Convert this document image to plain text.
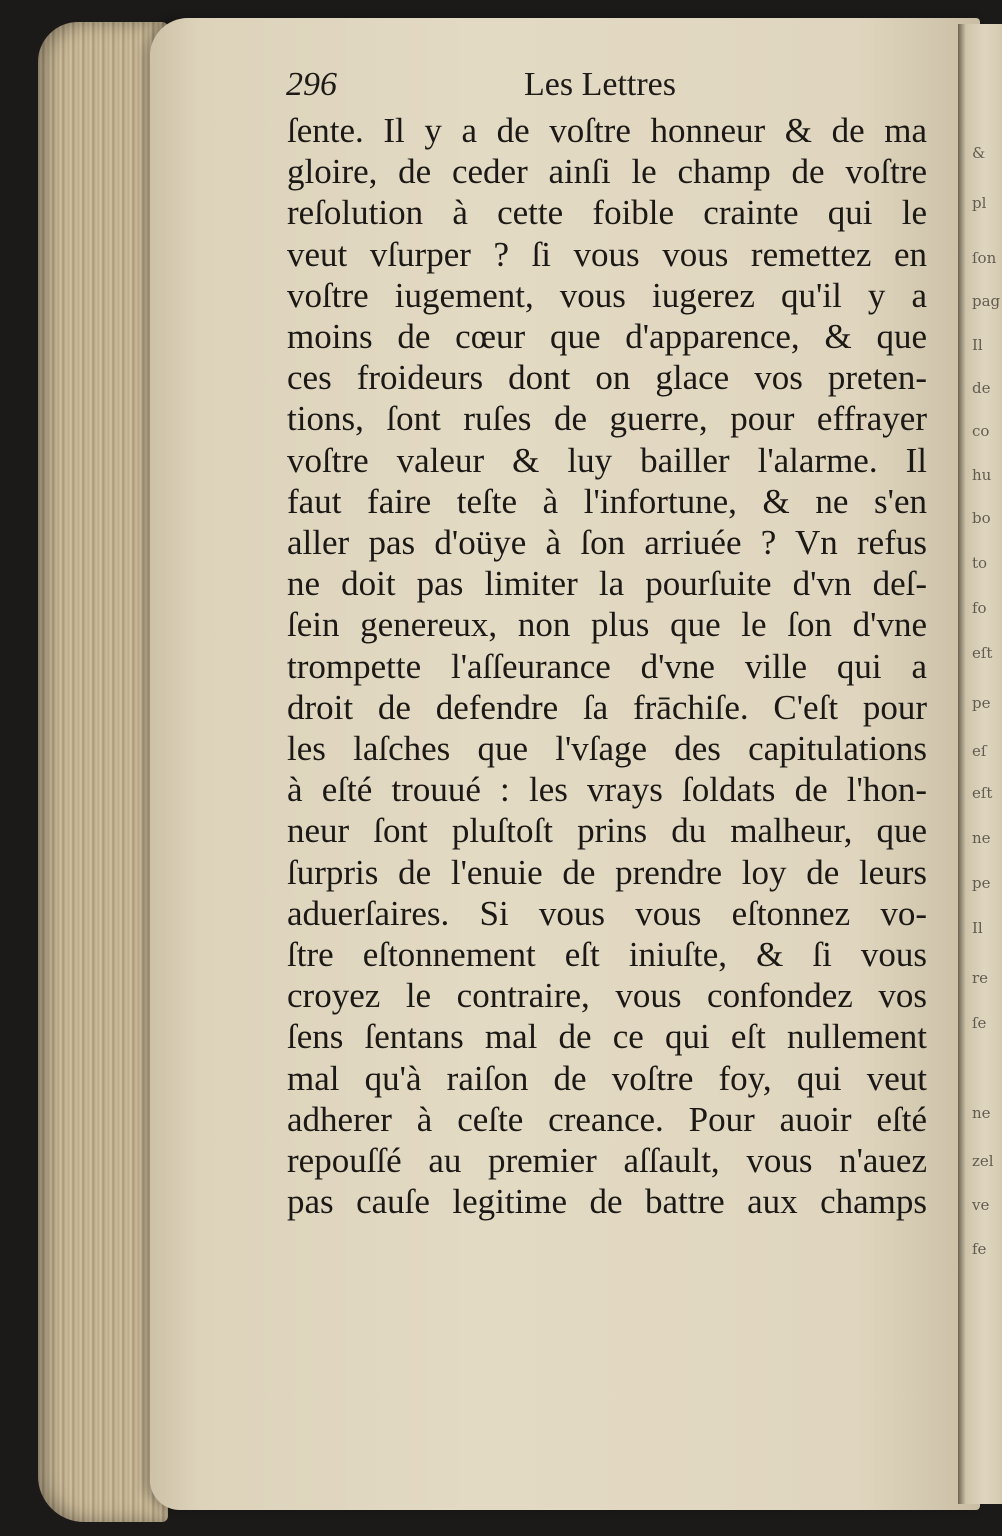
&
pl
ſon
pag
Il
de
co
hu
bo
to
fo
eſt
pe
eſ
eſt
ne
pe
Il
re
ſe
ne
zel
ve
fe
296	Les Lettres
ſente. Il y a de voſtre honneur & de ma
gloire, de ceder ainſi le champ de voſtre
reſolution à cette foible crainte qui le
veut vſurper ? ſi vous vous remettez en
voſtre iugement, vous iugerez qu'il y a
moins de cœur que d'apparence, & que
ces froideurs dont on glace vos preten-
tions, ſont ruſes de guerre, pour effrayer
voſtre valeur & luy bailler l'alarme. Il
faut faire teſte à l'infortune, & ne s'en
aller pas d'oüye à ſon arriuée ? Vn refus
ne doit pas limiter la pourſuite d'vn deſ-
ſein genereux, non plus que le ſon d'vne
trompette l'aſſeurance d'vne ville qui a
droit de defendre ſa frāchiſe. C'eſt pour
les laſches que l'vſage des capitulations
à eſté trouué : les vrays ſoldats de l'hon-
neur ſont pluſtoſt prins du malheur, que
ſurpris de l'enuie de prendre loy de leurs
aduerſaires. Si vous vous eſtonnez vo-
ſtre eſtonnement eſt iniuſte, & ſi vous
croyez le contraire, vous confondez vos
ſens ſentans mal de ce qui eſt nullement
mal qu'à raiſon de voſtre foy, qui veut
adherer à ceſte creance. Pour auoir eſté
repouſſé au premier aſſault, vous n'auez
pas cauſe legitime de battre aux champs
